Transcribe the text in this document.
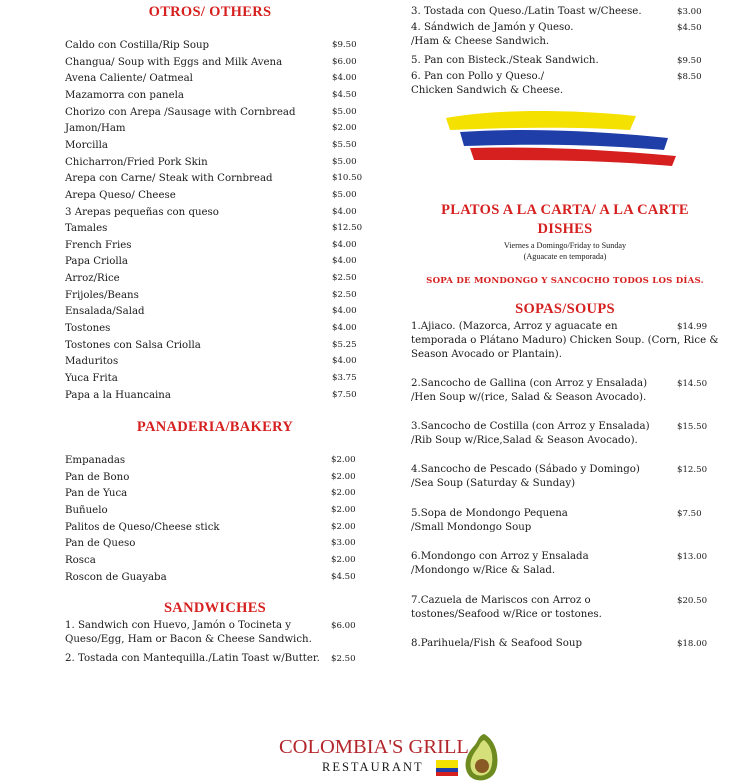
OTROS/ OTHERS
Caldo con Costilla/Rip Soup	$9.50
Changua/ Soup with Eggs and Milk Avena	$6.00
Avena Caliente/ Oatmeal	$4.00
Mazamorra con panela	$4.50
Chorizo con Arepa /Sausage with Cornbread	$5.00
Jamon/Ham	$2.00
Morcilla	$5.50
Chicharron/Fried Pork Skin	$5.00
Arepa con Carne/ Steak with Cornbread	$10.50
Arepa Queso/ Cheese	$5.00
3 Arepas pequeñas con queso	$4.00
Tamales	$12.50
French Fries	$4.00
Papa Criolla	$4.00
Arroz/Rice	$2.50
Frijoles/Beans	$2.50
Ensalada/Salad	$4.00
Tostones	$4.00
Tostones con Salsa Criolla	$5.25
Maduritos	$4.00
Yuca Frita	$3.75
Papa a la Huancaina	$7.50
PANADERIA/BAKERY
Empanadas	$2.00
Pan de Bono	$2.00
Pan de Yuca	$2.00
Buñuelo	$2.00
Palitos de Queso/Cheese stick	$2.00
Pan de Queso	$3.00
Rosca	$2.00
Roscon de Guayaba	$4.50
SANDWICHES
1. Sandwich con Huevo, Jamón o Tocineta y
Queso/Egg, Ham or Bacon & Cheese Sandwich.
$6.00
2. Tostada con Mantequilla./Latin Toast w/Butter. $2.50
3. Tostada con Queso./Latin Toast w/Cheese.	$3.00
4. Sándwich de Jamón y Queso.
/Ham & Cheese Sandwich.
$4.50
5. Pan con Bisteck./Steak Sandwich.	$9.50
6. Pan con Pollo y Queso./
Chicken Sandwich & Cheese.
$8.50
PLATOS A LA CARTA/ A LA CARTE
DISHES
Viernes a Domingo/Friday to Sunday
(Aguacate en temporada)
SOPA DE MONDONGO Y SANCOCHO TODOS LOS DÍAS.
SOPAS/SOUPS
1.Ajiaco. (Mazorca, Arroz y aguacate en
temporada o Plátano Maduro) Chicken Soup. (Corn, Rice &
Season Avocado or Plantain).
$14.99
2.Sancocho de Gallina (con Arroz y Ensalada)
/Hen Soup w/(rice, Salad & Season Avocado).
$14.50
3.Sancocho de Costilla (con Arroz y Ensalada)
/Rib Soup w/Rice,Salad & Season Avocado).
$15.50
4.Sancocho de Pescado (Sábado y Domingo)
/Sea Soup (Saturday & Sunday)
$12.50
5.Sopa de Mondongo Pequena
/Small Mondongo Soup
$7.50
6.Mondongo con Arroz y Ensalada
/Mondongo w/Rice & Salad.
$13.00
7.Cazuela de Mariscos con Arroz o
tostones/Seafood w/Rice or tostones.
$20.50
8.Parihuela/Fish & Seafood Soup	$18.00
COLOMBIA'S GRILL
RESTAURANT
